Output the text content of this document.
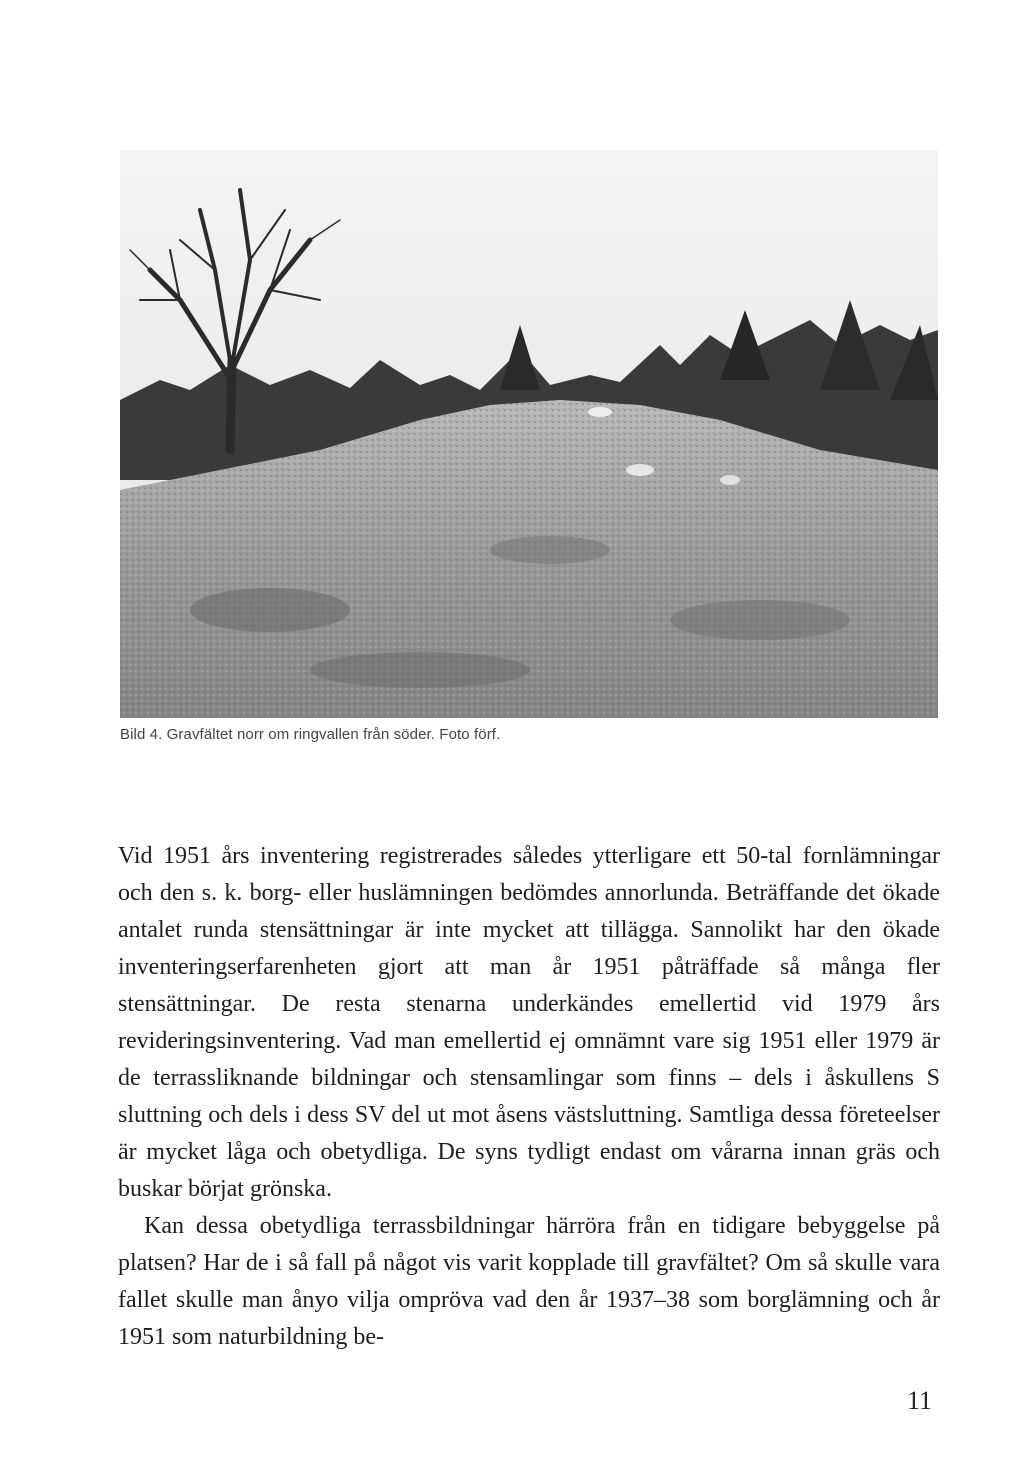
Bild 4. Gravfältet norr om ringvallen från söder. Foto förf.

Vid 1951 års inventering registrerades således ytterligare ett 50-tal fornlämningar och den s. k. borg- eller huslämningen bedömdes annorlunda. Beträffande det ökade antalet runda stensättningar är inte mycket att tillägga. Sannolikt har den ökade inventeringserfarenheten gjort att man år 1951 påträffade så många fler stensättningar. De resta stenarna underkändes emellertid vid 1979 års revideringsinventering. Vad man emellertid ej omnämnt vare sig 1951 eller 1979 är de terrassliknande bildningar och stensamlingar som finns – dels i åskullens S sluttning och dels i dess SV del ut mot åsens västsluttning. Samtliga dessa företeelser är mycket låga och obetydliga. De syns tydligt endast om vårarna innan gräs och buskar börjat grönska.

Kan dessa obetydliga terrassbildningar härröra från en tidigare bebyggelse på platsen? Har de i så fall på något vis varit kopplade till gravfältet? Om så skulle vara fallet skulle man ånyo vilja ompröva vad den år 1937–38 som borglämning och år 1951 som naturbildning be-

11
